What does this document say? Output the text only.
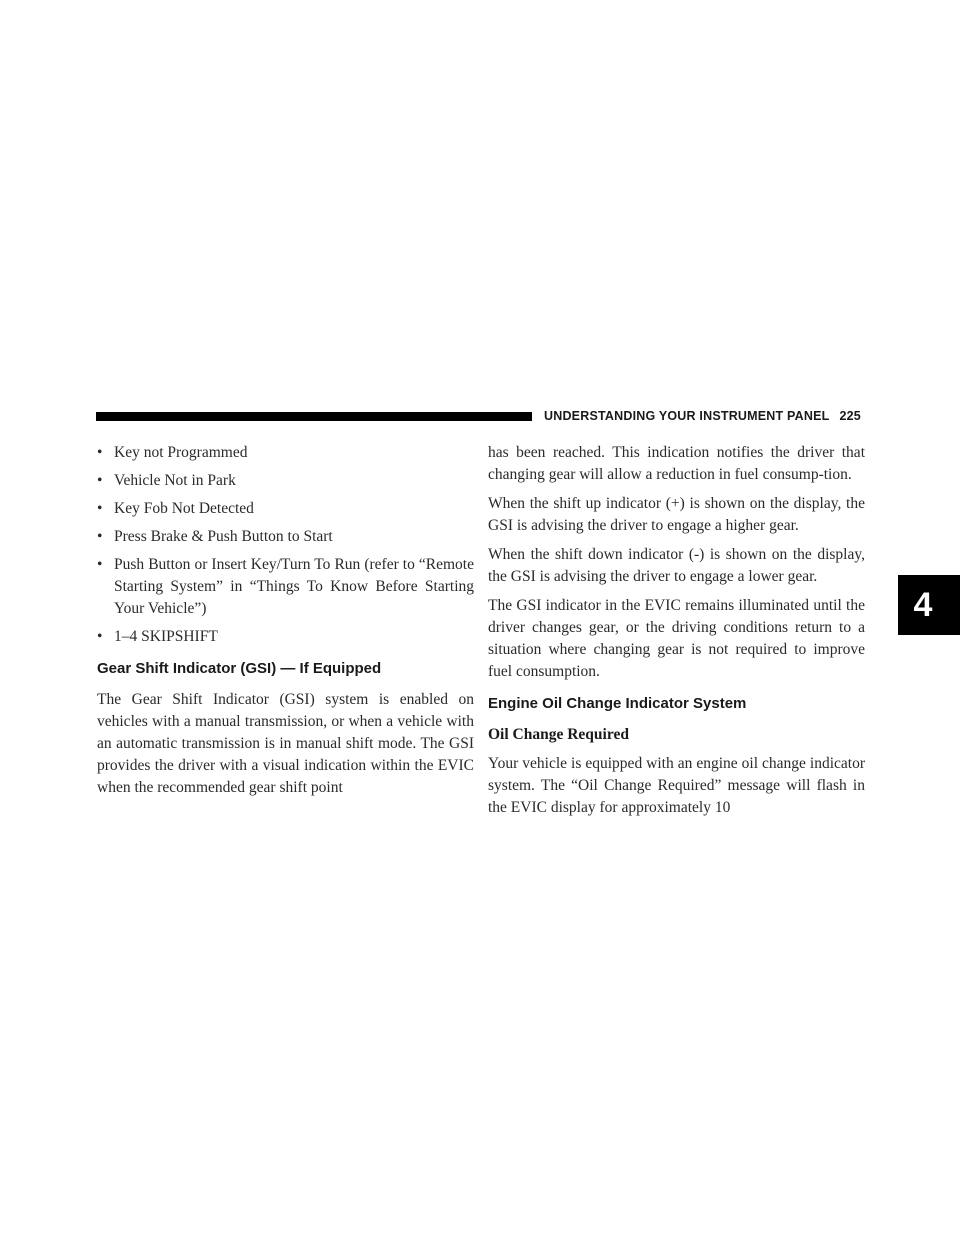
UNDERSTANDING YOUR INSTRUMENT PANEL 225
4
• Key not Programmed
• Vehicle Not in Park
• Key Fob Not Detected
• Press Brake & Push Button to Start
• Push Button or Insert Key/Turn To Run (refer to “Remote Starting System” in “Things To Know Before Starting Your Vehicle”)
• 1–4 SKIPSHIFT
Gear Shift Indicator (GSI) — If Equipped

The Gear Shift Indicator (GSI) system is enabled on vehicles with a manual transmission, or when a vehicle with an automatic transmission is in manual shift mode. The GSI provides the driver with a visual indication within the EVIC when the recommended gear shift point

has been reached. This indication notifies the driver that changing gear will allow a reduction in fuel consump-tion.

When the shift up indicator (+) is shown on the display, the GSI is advising the driver to engage a higher gear.

When the shift down indicator (-) is shown on the display, the GSI is advising the driver to engage a lower gear.

The GSI indicator in the EVIC remains illuminated until the driver changes gear, or the driving conditions return to a situation where changing gear is not required to improve fuel consumption.

Engine Oil Change Indicator System
Oil Change Required

Your vehicle is equipped with an engine oil change indicator system. The “Oil Change Required” message will flash in the EVIC display for approximately 10
